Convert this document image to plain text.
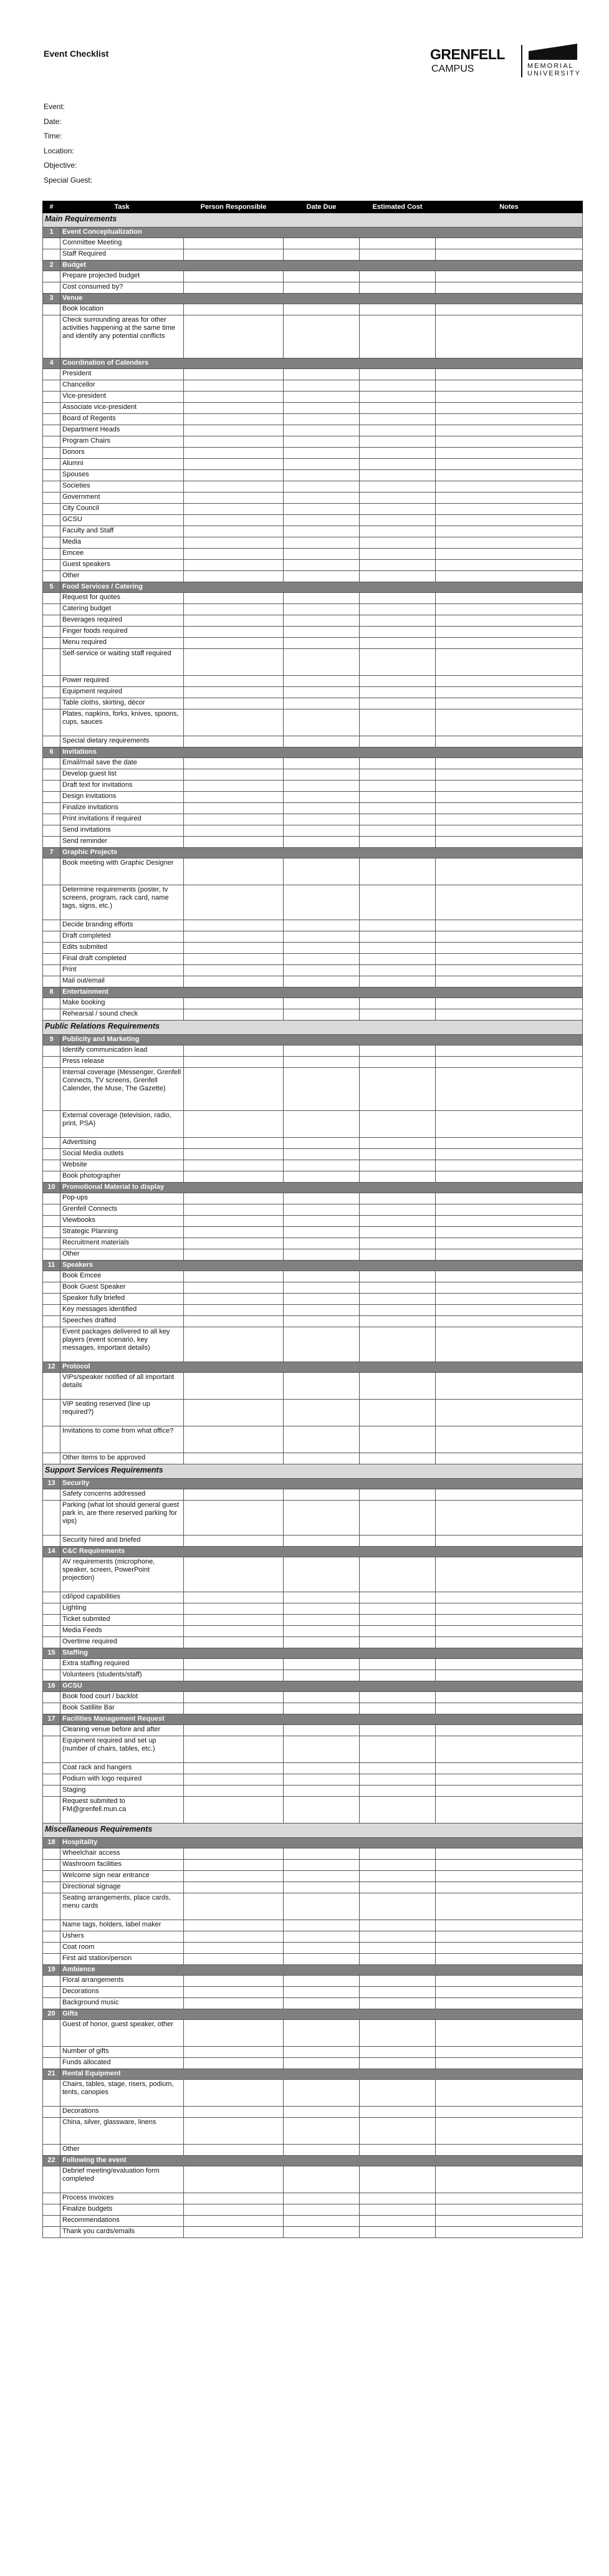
Event Checklist	GRENFELL
CAMPUS	MEMORIAL
UNIVERSITY
Event:
Date:
Time:
Location:
Objective:
Special Guest:
#	Task	Person Responsible	Date Due	Estimated Cost	Notes
Main Requirements					
1	Event Conceptualization				
	Committee Meeting				
	Staff Required				
2	Budget				
	Prepare projected budget				
	Cost consumed by?				
3	Venue				
	Book location				
	Check surrounding areas for other activities happening at the same time and identify any potential conflicts				
4	Coordination of Calenders				
	President				
	Chancellor				
	Vice-president				
	Associate vice-president				
	Board of Regents				
	Department Heads				
	Program Chairs				
	Donors				
	Alumni				
	Spouses				
	Societies				
	Government				
	City Council				
	GCSU				
	Faculty and Staff				
	Media				
	Emcee				
	Guest speakers				
	Other				
5	Food Services / Catering				
	Request for quotes				
	Catering budget				
	Beverages required				
	Finger foods required				
	Menu required				
	Self-service or waiting staff required				
	Power required				
	Equipment required				
	Table cloths, skirting, décor				
	Plates, napkins, forks, knives, spoons, cups, sauces				
	Special dietary requirements				
6	Invitations				
	Email/mail save the date				
	Develop guest list				
	Draft text for invitations				
	Design invitations				
	Finalize invitations				
	Print invitations if required				
	Send invitations				
	Send reminder				
7	Graphic Projects				
	Book meeting with Graphic Designer				
	Determine requirements (poster, tv screens, program, rack card, name tags, signs, etc.)				
	Decide branding efforts				
	Draft completed				
	Edits submited				
	Final draft completed				
	Print				
	Mail out/email				
8	Entertainment				
	Make booking				
	Rehearsal / sound check				
Public Relations Requirements					
9	Publicity and Marketing				
	Identify communication lead				
	Press release				
	Internal coverage (Messenger, Grenfell Connects, TV screens, Grenfell Calender, the Muse, The Gazette)				
	External coverage (television, radio, print, PSA)				
	Advertising				
	Social Media outlets				
	Website				
	Book photographer				
10	Promotional Material to display				
	Pop-ups				
	Grenfell Connects				
	Viewbooks				
	Strategic Planning				
	Recruitment materials				
	Other				
11	Speakers				
	Book Emcee				
	Book Guest Speaker				
	Speaker fully briefed				
	Key messages identified				
	Speeches drafted				
	Event packages delivered to all key players (event scenario, key messages, important details)				
12	Protocol				
	VIPs/speaker notified of all important details				
	VIP seating reserved (line up required?)				
	Invitations to come from what office?				
	Other items to be approved				
Support Services Requirements					
13	Security				
	Safety concerns addressed				
	Parking (what lot should general guest park in, are there reserved parking for vips)				
	Security hired and briefed				
14	C&C Requirements				
	AV requirements (microphone, speaker, screen, PowerPoint projection)				
	cd/ipod capabilities				
	Lighting				
	Ticket submited				
	Media Feeds				
	Overtime required				
15	Staffing				
	Extra staffing required				
	Volunteers (students/staff)				
16	GCSU				
	Book food court / backlot				
	Book Satillite Bar				
17	Facilities Management Request				
	Cleaning venue before and after				
	Equipment required and set up (number of chairs, tables, etc.)				
	Coat rack and hangers				
	Podium with logo required				
	Staging				
	Request submited to FM@grenfell.mun.ca				
Miscellaneous Requirements					
18	Hospitality				
	Wheelchair access				
	Washroom facilities				
	Welcome sign near entrance				
	Directional signage				
	Seating arrangements, place cards, menu cards				
	Name tags, holders, label maker				
	Ushers				
	Coat room				
	First aid station/person				
19	Ambience				
	Floral arrangements				
	Decorations				
	Background music				
20	Gifts				
	Guest of honor, guest speaker, other				
	Number of gifts				
	Funds allocated				
21	Rental Equipment				
	Chairs, tables, stage, risers, podium, tents, canopies				
	Decorations				
	China, silver, glassware, linens				
	Other				
22	Following the event				
	Debrief meeting/evaluation form completed				
	Process invoices				
	Finalize budgets				
	Recommendations				
	Thank you cards/emails				
